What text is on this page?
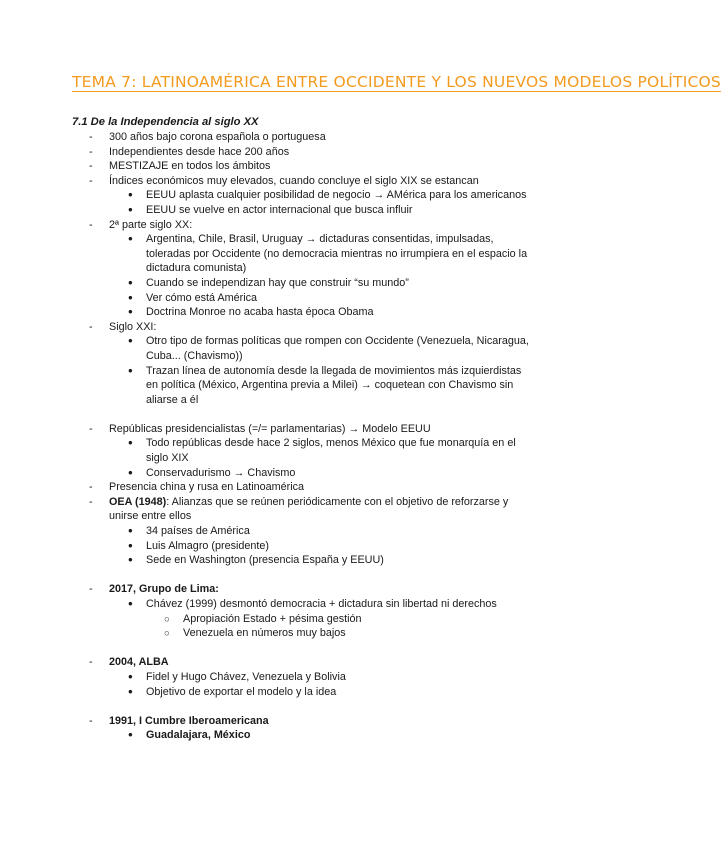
TEMA 7: LATINOAMÉRICA ENTRE OCCIDENTE Y LOS NUEVOS MODELOS POLÍTICOS
7.1 De la Independencia al siglo XX
- 300 años bajo corona española o portuguesa
- Independientes desde hace 200 años
- MESTIZAJE en todos los ámbitos
- Índices económicos muy elevados, cuando concluye el siglo XIX se estancan
● EEUU aplasta cualquier posibilidad de negocio → AMérica para los americanos
● EEUU se vuelve en actor internacional que busca influir
- 2ª parte siglo XX:
● Argentina, Chile, Brasil, Uruguay → dictaduras consentidas, impulsadas, toleradas por Occidente (no democracia mientras no irrumpiera en el espacio la dictadura comunista)
● Cuando se independizan hay que construir “su mundo”
● Ver cómo está América
● Doctrina Monroe no acaba hasta época Obama
- Siglo XXI:
● Otro tipo de formas políticas que rompen con Occidente (Venezuela, Nicaragua, Cuba... (Chavismo))
● Trazan línea de autonomía desde la llegada de movimientos más izquierdistas en política (México, Argentina previa a Milei) → coquetean con Chavismo sin aliarse a él
- Repúblicas presidencialistas (=/= parlamentarias) → Modelo EEUU
● Todo repúblicas desde hace 2 siglos, menos México que fue monarquía en el siglo XIX
● Conservadurismo → Chavismo
- Presencia china y rusa en Latinoamérica
- OEA (1948): Alianzas que se reúnen periódicamente con el objetivo de reforzarse y unirse entre ellos
● 34 países de América
● Luis Almagro (presidente)
● Sede en Washington (presencia España y EEUU)
- 2017, Grupo de Lima:
● Chávez (1999) desmontó democracia + dictadura sin libertad ni derechos
○ Apropiación Estado + pésima gestión
○ Venezuela en números muy bajos
- 2004, ALBA
● Fidel y Hugo Chávez, Venezuela y Bolivia
● Objetivo de exportar el modelo y la idea
- 1991, I Cumbre Iberoamericana
● Guadalajara, México
